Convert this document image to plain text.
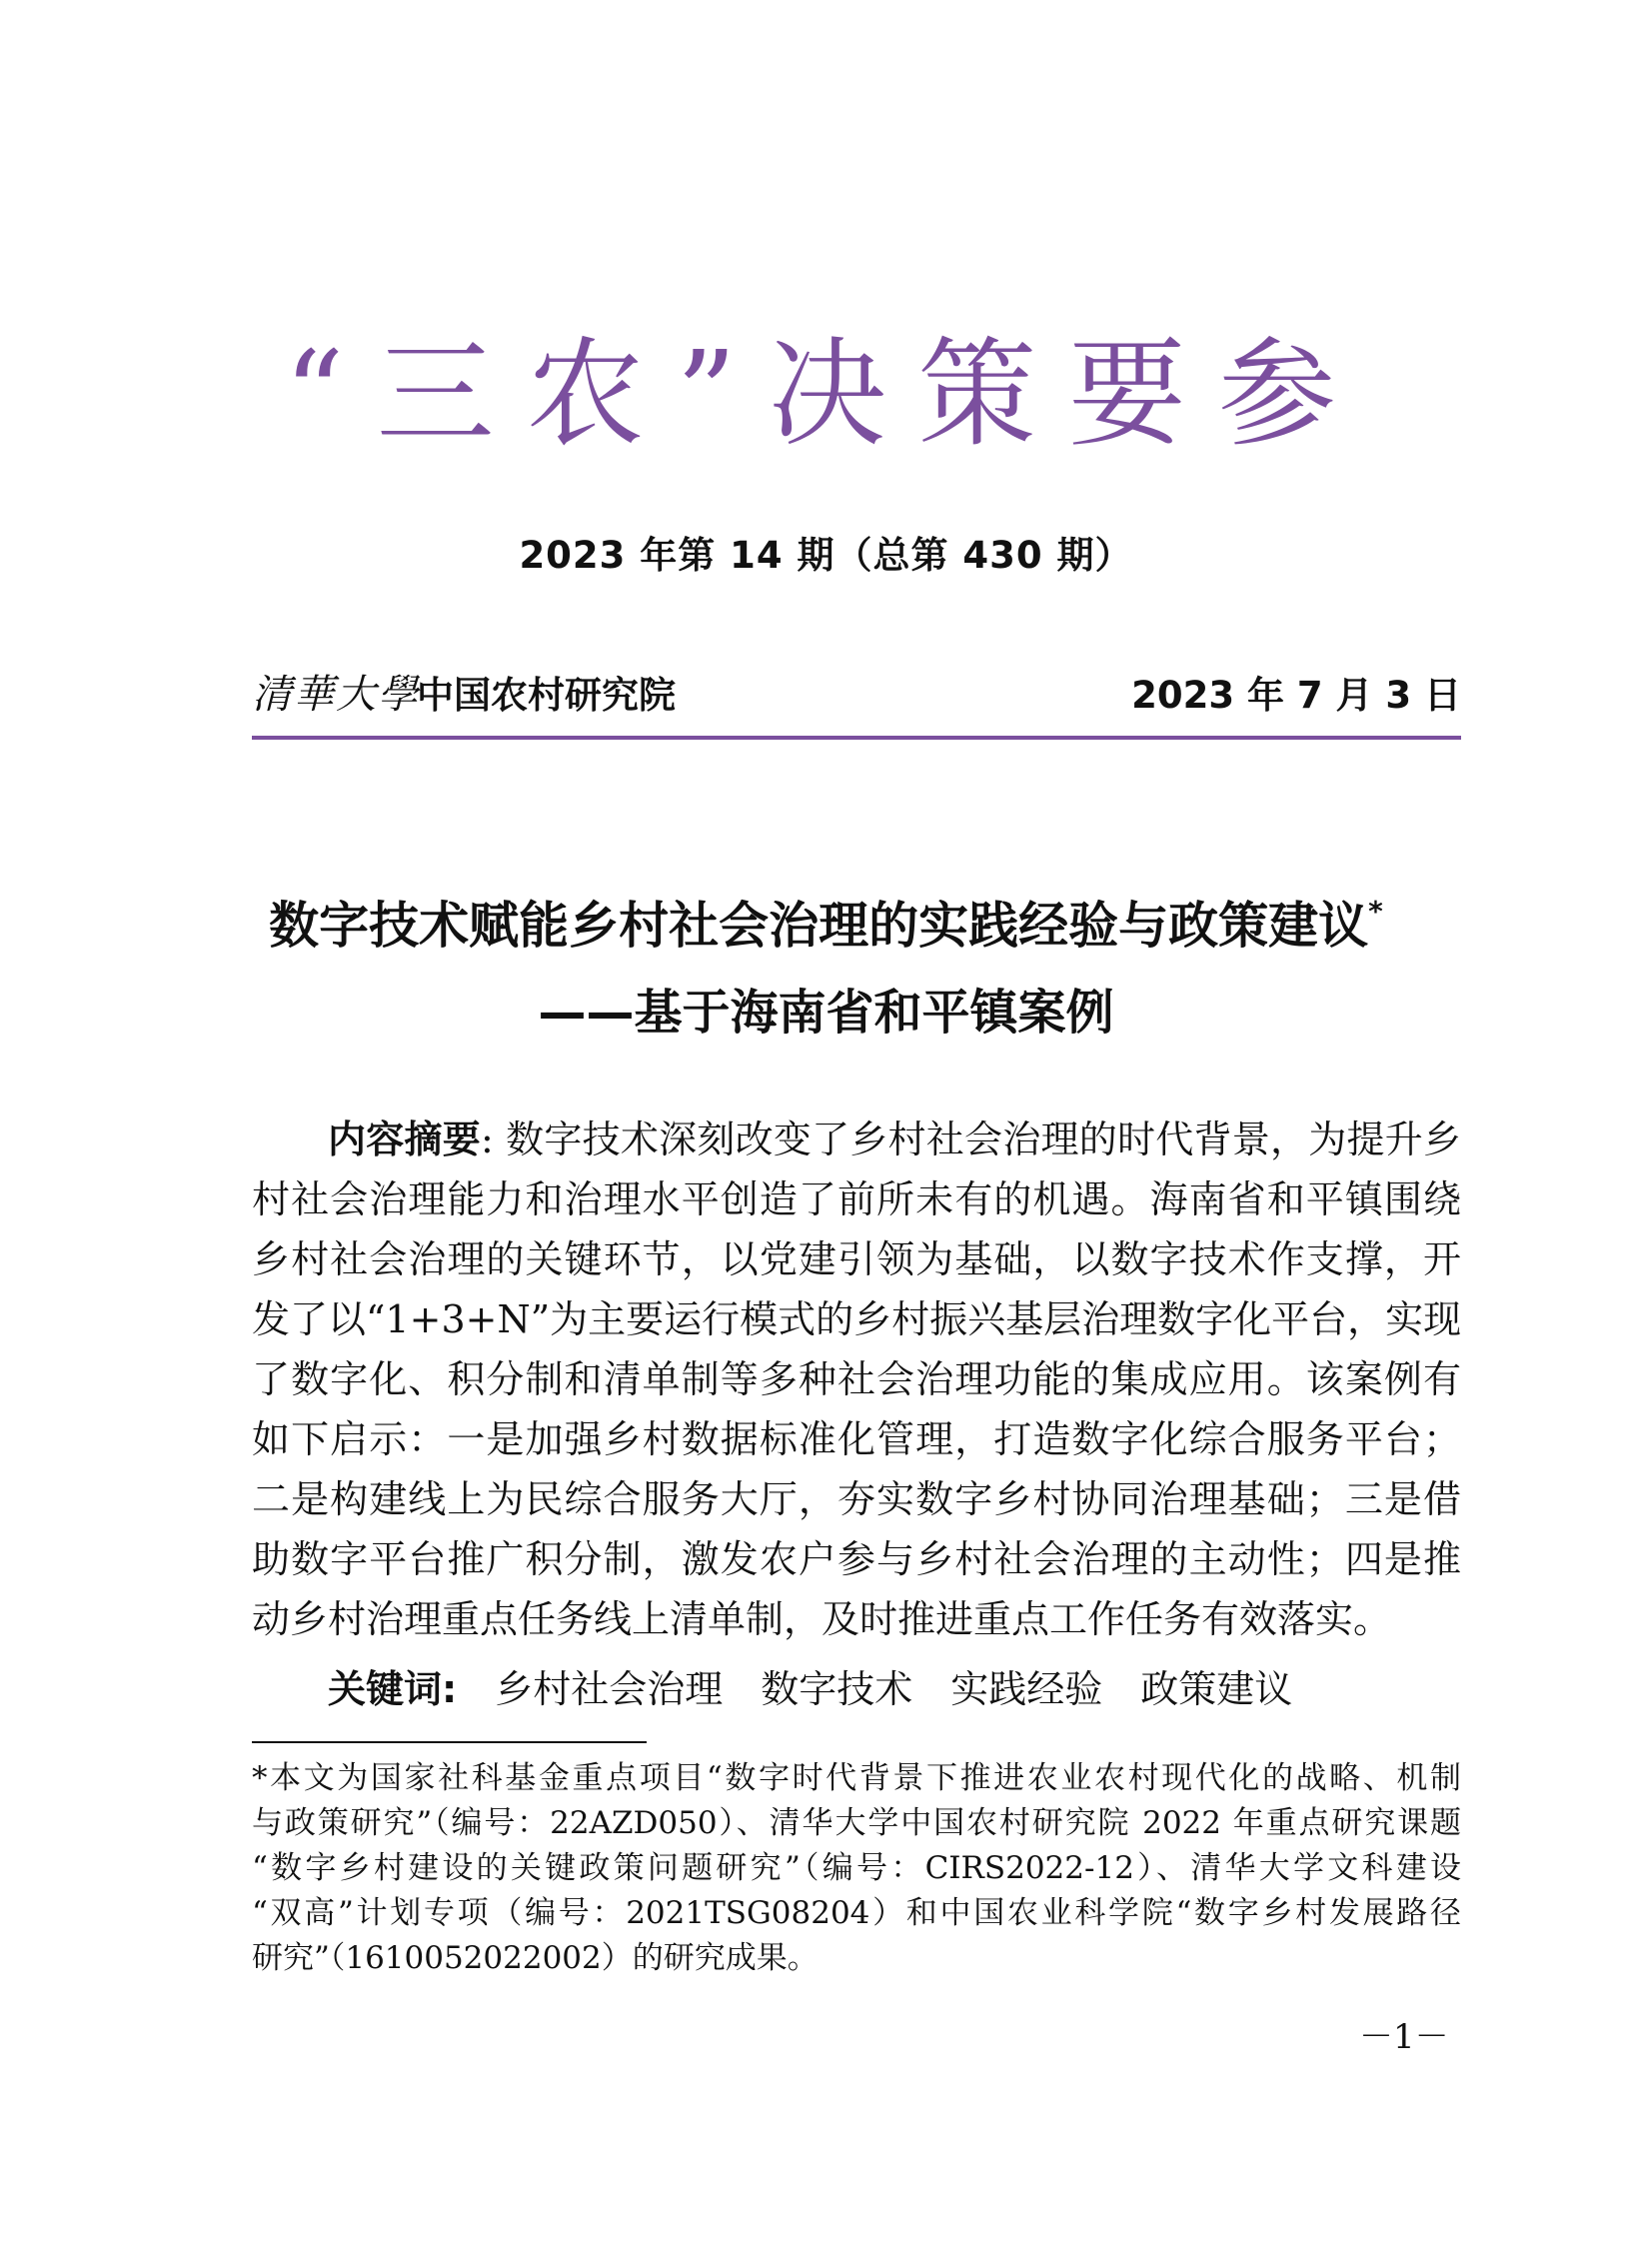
“三农”决策要参
2023 年第 14 期（总第 430 期）
清華大學
中国农村研究院	2023 年 7 月 3 日
数字技术赋能乡村社会治理的实践经验与政策建议*
——基于海南省和平镇案例
内容摘要: 数字技术深刻改变了乡村社会治理的时代背景，为提升乡
村社会治理能力和治理水平创造了前所未有的机遇。海南省和平镇围绕
乡村社会治理的关键环节，以党建引领为基础，以数字技术作支撑，开
发了以“1+3+N”为主要运行模式的乡村振兴基层治理数字化平台，实现
了数字化、积分制和清单制等多种社会治理功能的集成应用。该案例有
如下启示：一是加强乡村数据标准化管理，打造数字化综合服务平台；
二是构建线上为民综合服务大厅，夯实数字乡村协同治理基础；三是借
助数字平台推广积分制，激发农户参与乡村社会治理的主动性；四是推
动乡村治理重点任务线上清单制，及时推进重点工作任务有效落实。
关键词: 乡村社会治理 数字技术 实践经验 政策建议
*本文为国家社科基金重点项目“数字时代背景下推进农业农村现代化的战略、机制
与政策研究”（编号：22AZD050）、清华大学中国农村研究院 2022 年重点研究课题
“数字乡村建设的关键政策问题研究”（编号：CIRS2022-12）、清华大学文科建设
“双高”计划专项（编号：2021TSG08204）和中国农业科学院“数字乡村发展路径
研究”（1610052022002）的研究成果。
－1－
